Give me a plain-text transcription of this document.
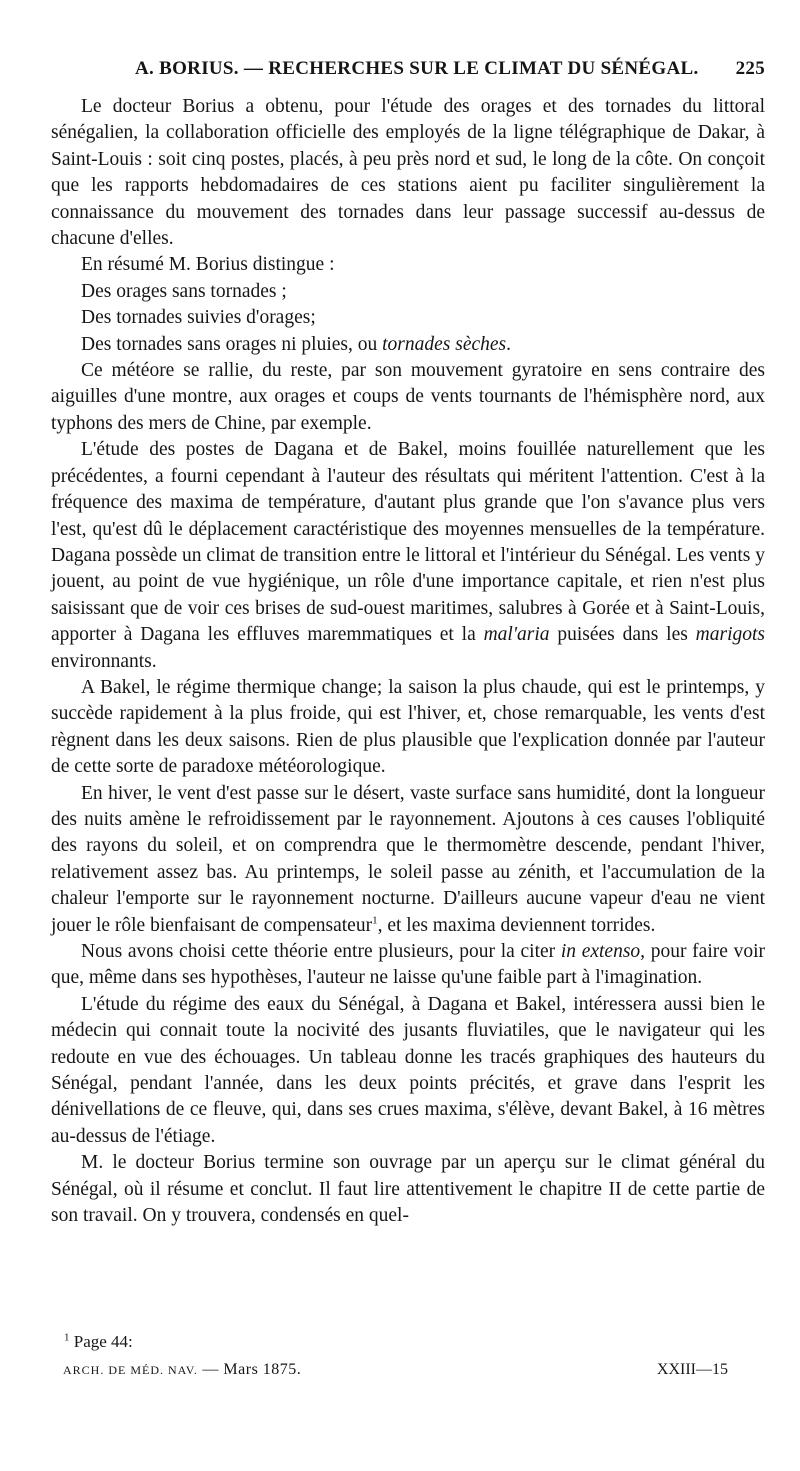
A. BORIUS. — RECHERCHES SUR LE CLIMAT DU SÉNÉGAL. 225

Le docteur Borius a obtenu, pour l'étude des orages et des tornades du littoral sénégalien, la collaboration officielle des employés de la ligne télégraphique de Dakar, à Saint-Louis : soit cinq postes, placés, à peu près nord et sud, le long de la côte. On conçoit que les rapports hebdomadaires de ces stations aient pu faciliter singulièrement la connaissance du mouvement des tornades dans leur passage successif au-dessus de chacune d'elles.

En résumé M. Borius distingue :

Des orages sans tornades ;

Des tornades suivies d'orages;

Des tornades sans orages ni pluies, ou tornades sèches.

Ce météore se rallie, du reste, par son mouvement gyratoire en sens contraire des aiguilles d'une montre, aux orages et coups de vents tournants de l'hémisphère nord, aux typhons des mers de Chine, par exemple.

L'étude des postes de Dagana et de Bakel, moins fouillée naturellement que les précédentes, a fourni cependant à l'auteur des résultats qui méritent l'attention. C'est à la fréquence des maxima de température, d'autant plus grande que l'on s'avance plus vers l'est, qu'est dû le déplacement caractéristique des moyennes mensuelles de la température. Dagana possède un climat de transition entre le littoral et l'intérieur du Sénégal. Les vents y jouent, au point de vue hygiénique, un rôle d'une importance capitale, et rien n'est plus saisissant que de voir ces brises de sud-ouest maritimes, salubres à Gorée et à Saint-Louis, apporter à Dagana les effluves maremmatiques et la mal'aria puisées dans les marigots environnants.

A Bakel, le régime thermique change; la saison la plus chaude, qui est le printemps, y succède rapidement à la plus froide, qui est l'hiver, et, chose remarquable, les vents d'est règnent dans les deux saisons. Rien de plus plausible que l'explication donnée par l'auteur de cette sorte de paradoxe météorologique.

En hiver, le vent d'est passe sur le désert, vaste surface sans humidité, dont la longueur des nuits amène le refroidissement par le rayonnement. Ajoutons à ces causes l'obliquité des rayons du soleil, et on comprendra que le thermomètre descende, pendant l'hiver, relativement assez bas. Au printemps, le soleil passe au zénith, et l'accumulation de la chaleur l'emporte sur le rayonnement nocturne. D'ailleurs aucune vapeur d'eau ne vient jouer le rôle bienfaisant de compensateur$^1$, et les maxima deviennent torrides.

Nous avons choisi cette théorie entre plusieurs, pour la citer in extenso, pour faire voir que, même dans ses hypothèses, l'auteur ne laisse qu'une faible part à l'imagination.

L'étude du régime des eaux du Sénégal, à Dagana et Bakel, intéressera aussi bien le médecin qui connait toute la nocivité des jusants fluviatiles, que le navigateur qui les redoute en vue des échouages. Un tableau donne les tracés graphiques des hauteurs du Sénégal, pendant l'année, dans les deux points précités, et grave dans l'esprit les dénivellations de ce fleuve, qui, dans ses crues maxima, s'élève, devant Bakel, à 16 mètres au-dessus de l'étiage.

M. le docteur Borius termine son ouvrage par un aperçu sur le climat général du Sénégal, où il résume et conclut. Il faut lire attentivement le chapitre II de cette partie de son travail. On y trouvera, condensés en quel-

$^1$ Page 44:
ARCH. DE MÉD. NAV. — Mars 1875.	XXIII—15
